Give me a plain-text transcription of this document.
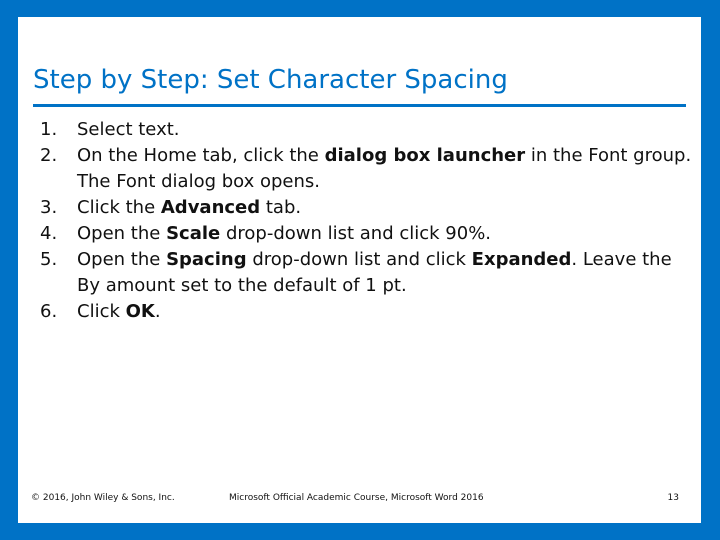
Step by Step: Set Character Spacing
1. Select text.
2. On the Home tab, click the dialog box launcher in the Font group. The Font dialog box opens.
3. Click the Advanced tab.
4. Open the Scale drop-down list and click 90%.
5. Open the Spacing drop-down list and click Expanded. Leave the By amount set to the default of 1 pt.
6. Click OK.
© 2016, John Wiley & Sons, Inc.	Microsoft Official Academic Course, Microsoft Word 2016	13
